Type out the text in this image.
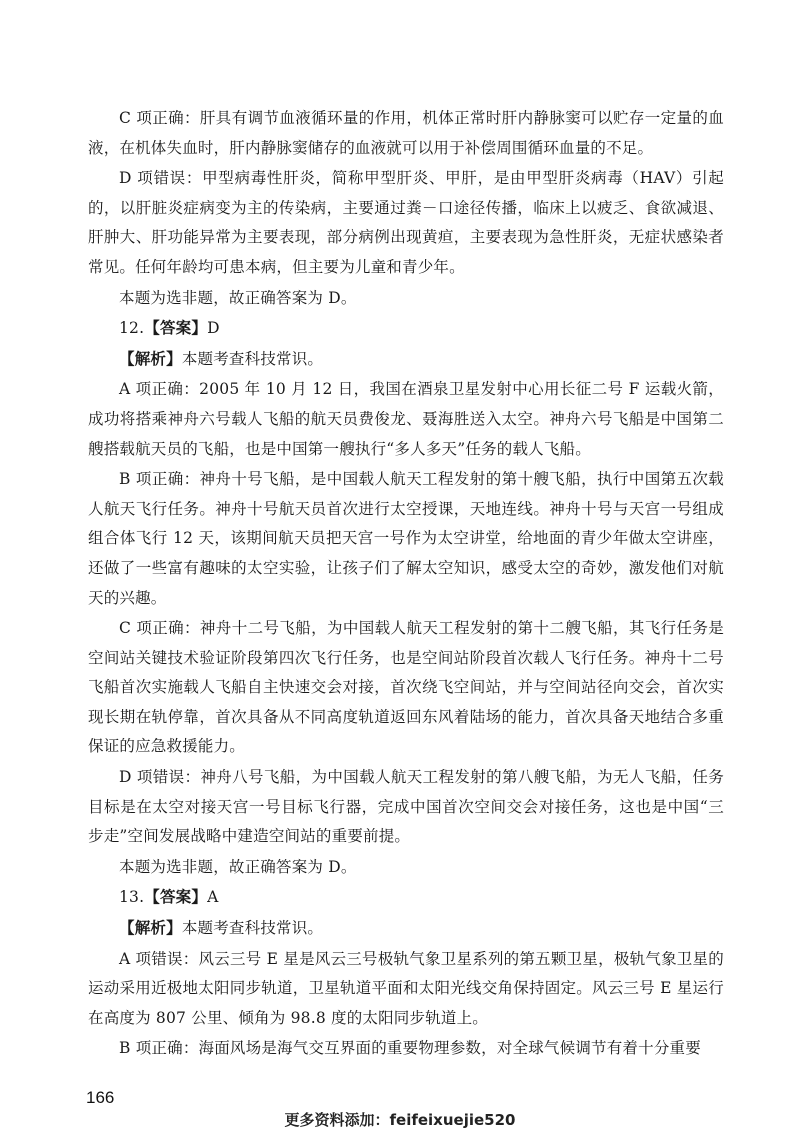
C 项正确：肝具有调节血液循环量的作用，机体正常时肝内静脉窦可以贮存一定量的血液，在机体失血时，肝内静脉窦储存的血液就可以用于补偿周围循环血量的不足。

D 项错误：甲型病毒性肝炎，简称甲型肝炎、甲肝，是由甲型肝炎病毒（HAV）引起的，以肝脏炎症病变为主的传染病，主要通过粪－口途径传播，临床上以疲乏、食欲减退、肝肿大、肝功能异常为主要表现，部分病例出现黄疸，主要表现为急性肝炎，无症状感染者常见。任何年龄均可患本病，但主要为儿童和青少年。

本题为选非题，故正确答案为 D。

12.【答案】D

【解析】本题考查科技常识。

A 项正确：2005 年 10 月 12 日，我国在酒泉卫星发射中心用长征二号 F 运载火箭，成功将搭乘神舟六号载人飞船的航天员费俊龙、聂海胜送入太空。神舟六号飞船是中国第二艘搭载航天员的飞船，也是中国第一艘执行“多人多天”任务的载人飞船。

B 项正确：神舟十号飞船，是中国载人航天工程发射的第十艘飞船，执行中国第五次载人航天飞行任务。神舟十号航天员首次进行太空授课，天地连线。神舟十号与天宫一号组成组合体飞行 12 天，该期间航天员把天宫一号作为太空讲堂，给地面的青少年做太空讲座，还做了一些富有趣味的太空实验，让孩子们了解太空知识，感受太空的奇妙，激发他们对航天的兴趣。

C 项正确：神舟十二号飞船，为中国载人航天工程发射的第十二艘飞船，其飞行任务是空间站关键技术验证阶段第四次飞行任务，也是空间站阶段首次载人飞行任务。神舟十二号飞船首次实施载人飞船自主快速交会对接，首次绕飞空间站，并与空间站径向交会，首次实现长期在轨停靠，首次具备从不同高度轨道返回东风着陆场的能力，首次具备天地结合多重保证的应急救援能力。

D 项错误：神舟八号飞船，为中国载人航天工程发射的第八艘飞船，为无人飞船，任务目标是在太空对接天宫一号目标飞行器，完成中国首次空间交会对接任务，这也是中国“三步走”空间发展战略中建造空间站的重要前提。

本题为选非题，故正确答案为 D。

13.【答案】A

【解析】本题考查科技常识。

A 项错误：风云三号 E 星是风云三号极轨气象卫星系列的第五颗卫星，极轨气象卫星的运动采用近极地太阳同步轨道，卫星轨道平面和太阳光线交角保持固定。风云三号 E 星运行在高度为 807 公里、倾角为 98.8 度的太阳同步轨道上。

B 项正确：海面风场是海气交互界面的重要物理参数，对全球气候调节有着十分重要

166
更多资料添加：feifeixuejie520
